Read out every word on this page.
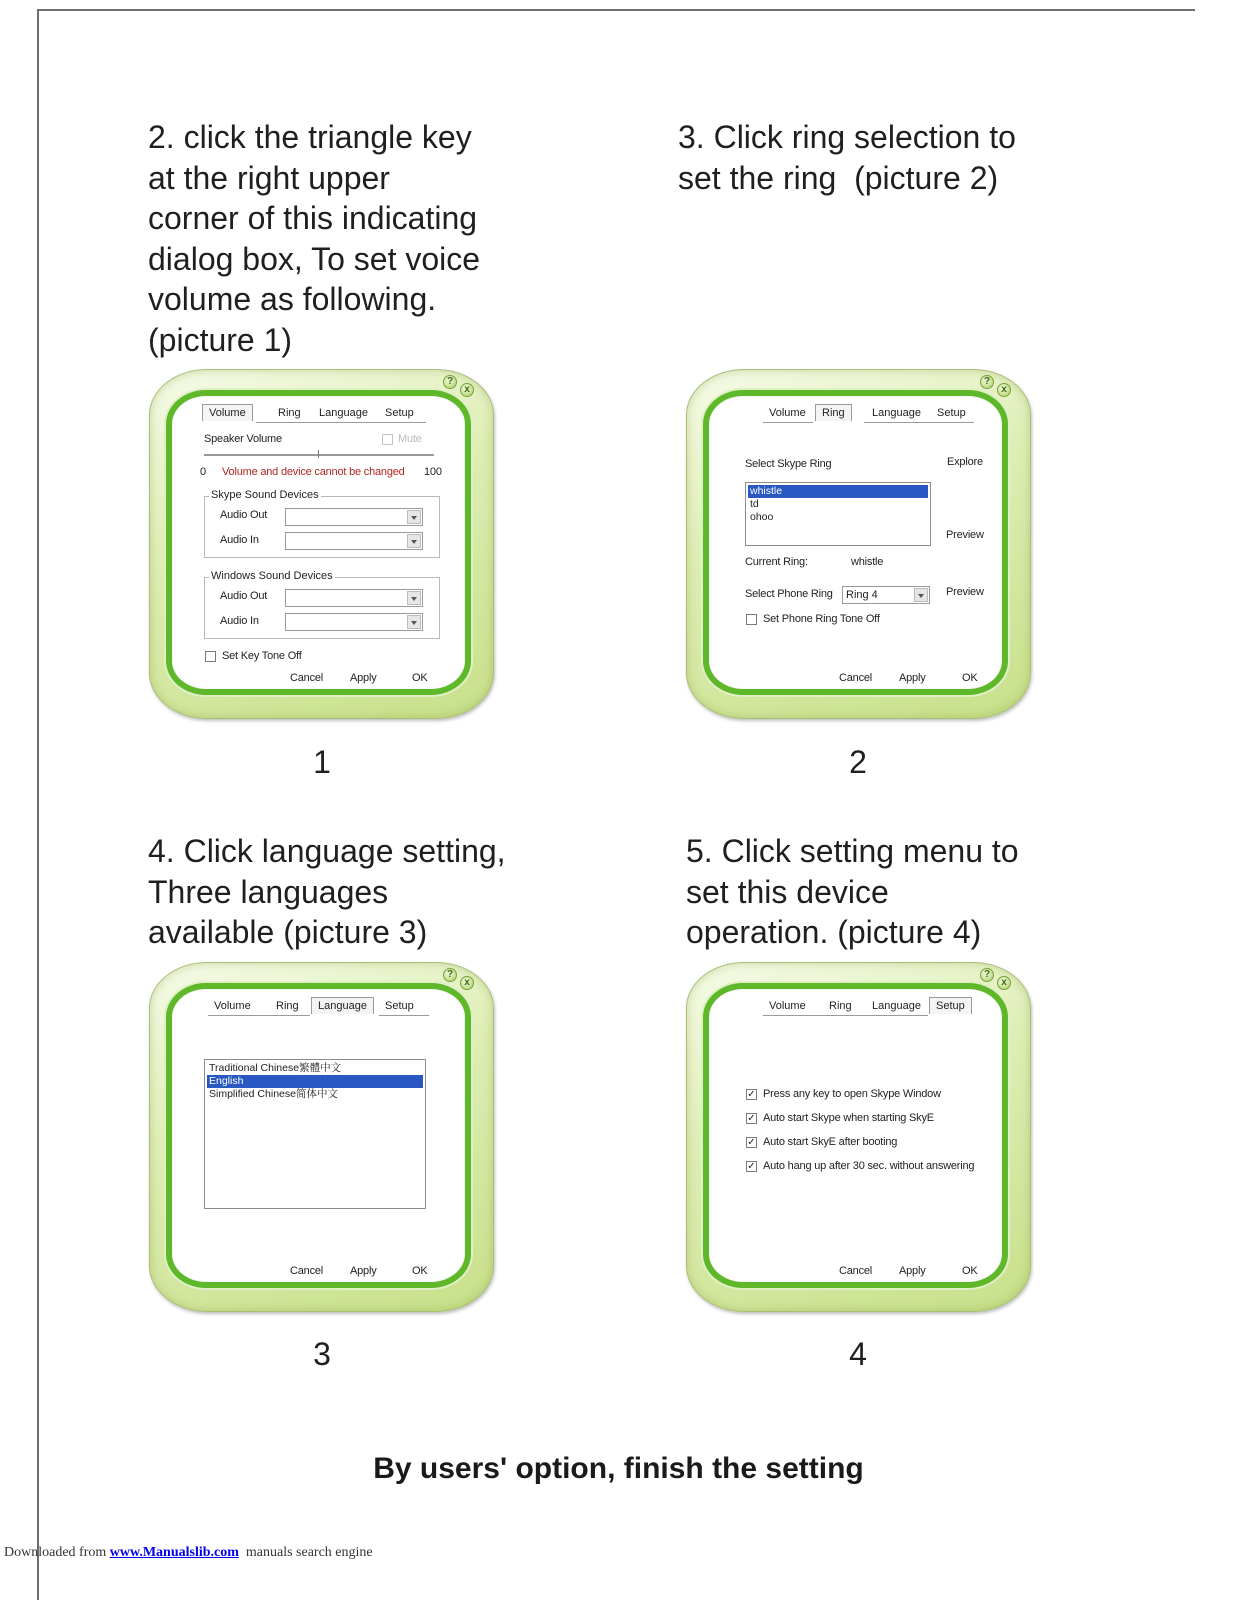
2. click the triangle key
at the right upper
corner of this indicating
dialog box, To set voice
volume as following.
(picture 1)
3. Click ring selection to
set the ring  (picture 2)
?
x
Volume	Ring	Language	Setup
Speaker Volume	Mute
0 Volume and device cannot be changed 100
Skype Sound Devices
Audio Out
Audio In
Windows Sound Devices
Audio Out
Audio In
Set Key Tone Off
Cancel Apply	OK
?
x
Volume	Ring	Language	Setup
Select Skype Ring	Explore
whistle
td
ohoo
Preview
Current Ring:	whistle
Select Phone Ring Ring 4	Preview
Set Phone Ring Tone Off
Cancel Apply	OK
1	2
4. Click language setting,
Three languages
available (picture 3)
5. Click setting menu to
set this device
operation. (picture 4)
?
x
Volume	Ring	Language	Setup
Traditional Chinese繁體中文
English
Simplified Chinese简体中文
Cancel Apply	OK
?
x
Volume	Ring	Language	Setup
✓ Press any key to open Skype Window
✓ Auto start Skype when starting SkyE
✓ Auto start SkyE after booting
✓ Auto hang up after 30 sec. without answering
Cancel Apply	OK
3	4
By users' option, finish the setting
Downloaded from www.Manualslib.com  manuals search engine
